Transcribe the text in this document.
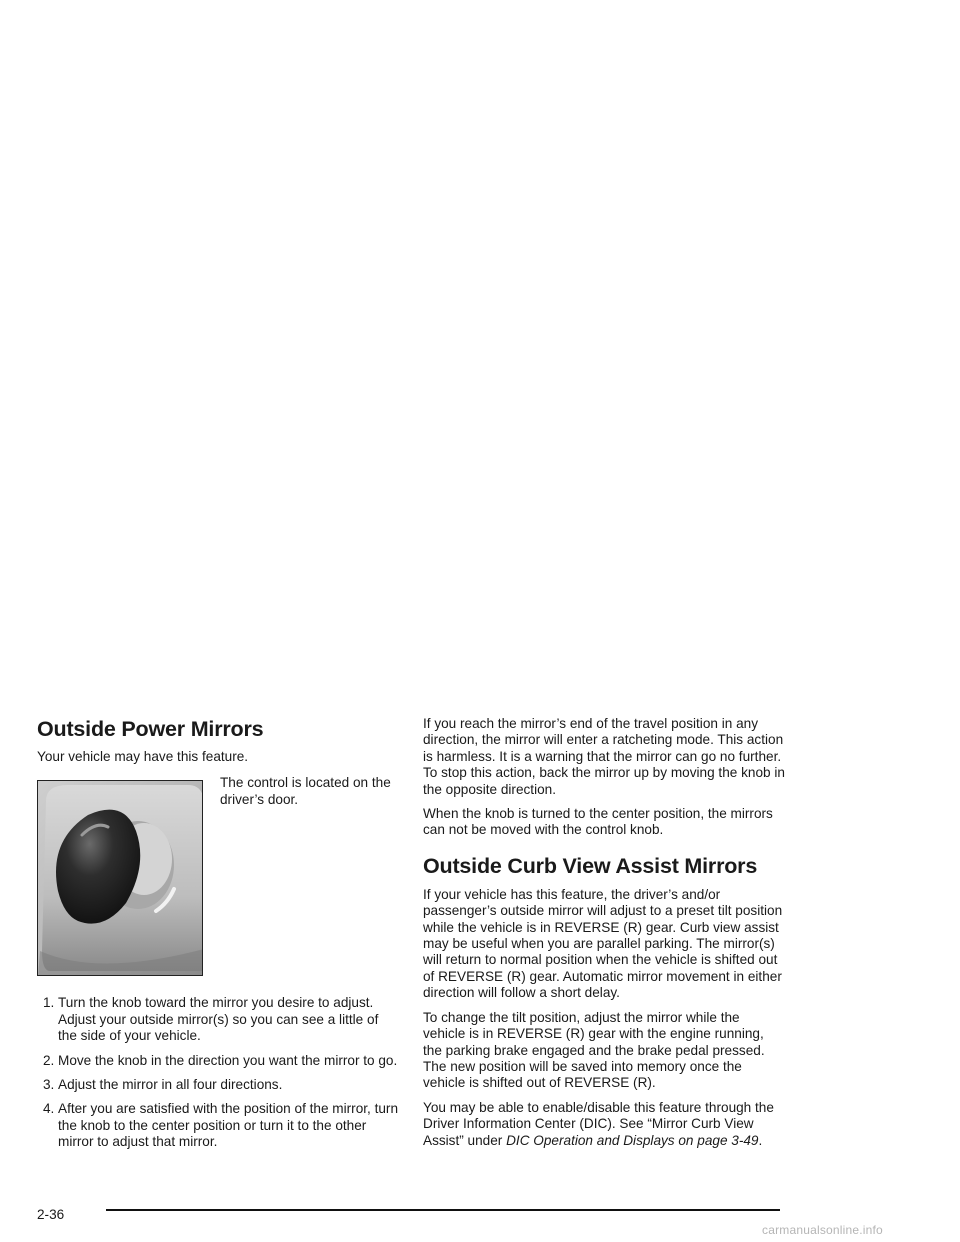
Outside Power Mirrors

Your vehicle may have this feature.

The control is located on the driver’s door.

1. Turn the knob toward the mirror you desire to adjust. Adjust your outside mirror(s) so you can see a little of the side of your vehicle.
2. Move the knob in the direction you want the mirror to go.
3. Adjust the mirror in all four directions.
4. After you are satisfied with the position of the mirror, turn the knob to the center position or turn it to the other mirror to adjust that mirror.

If you reach the mirror’s end of the travel position in any direction, the mirror will enter a ratcheting mode. This action is harmless. It is a warning that the mirror can go no further. To stop this action, back the mirror up by moving the knob in the opposite direction.

When the knob is turned to the center position, the mirrors can not be moved with the control knob.

Outside Curb View Assist Mirrors

If your vehicle has this feature, the driver’s and/or passenger’s outside mirror will adjust to a preset tilt position while the vehicle is in REVERSE (R) gear. Curb view assist may be useful when you are parallel parking. The mirror(s) will return to normal position when the vehicle is shifted out of REVERSE (R) gear. Automatic mirror movement in either direction will follow a short delay.

To change the tilt position, adjust the mirror while the vehicle is in REVERSE (R) gear with the engine running, the parking brake engaged and the brake pedal pressed. The new position will be saved into memory once the vehicle is shifted out of REVERSE (R).

You may be able to enable/disable this feature through the Driver Information Center (DIC). See “Mirror Curb View Assist” under DIC Operation and Displays on page 3-49.

2-36
carmanualsonline.info
